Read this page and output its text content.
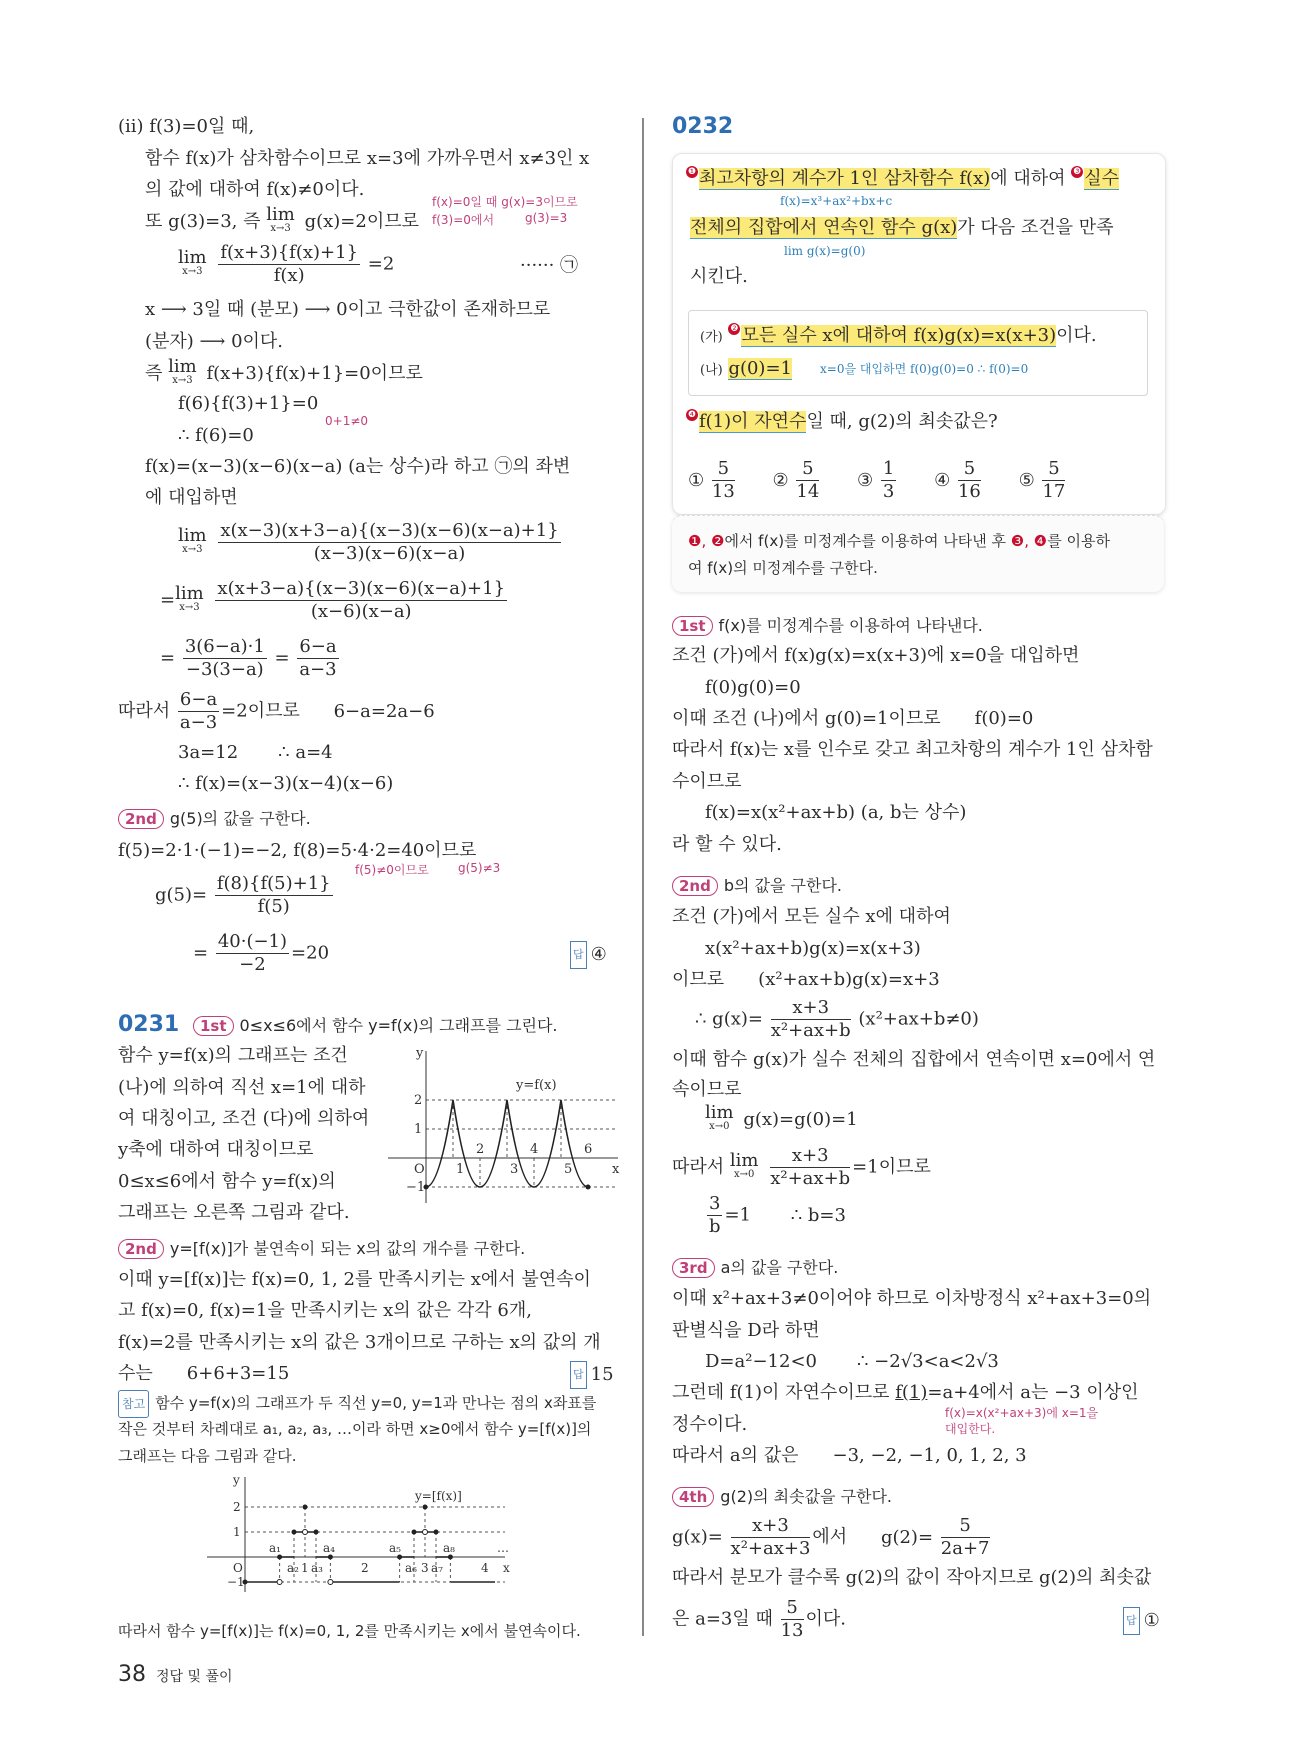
(ii) f(3)=0일 때,
함수 f(x)가 삼차함수이므로 x=3에 가까우면서 x≠3인 x
의 값에 대하여 f(x)≠0이다.
f(x)=0일 때 g(x)=3이므로
또 g(3)=3, 즉 lim
x→3 g(x)=2이므로 f(3)=0에서	g(3)=3
lim
x→3
$\frac{f(x+3)\{f(x)+1\}}{f(x)} =2$	······ ㉠
x ⟶ 3일 때 (분모) ⟶ 0이고 극한값이 존재하므로
(분자) ⟶ 0이다.
즉 lim
x→3 f(x+3){f(x)+1}=0이므로
f(6){f(3)+1}=0
0+1≠0
∴ f(6)=0
f(x)=(x−3)(x−6)(x−a) (a는 상수)라 하고 ㉠의 좌변
에 대입하면
lim
x→3
$\frac{x(x-3)(x+3-a)\{(x-3)(x-6)(x-a)+1\}}{(x-3)(x-6)(x-a)}$
= lim
x→3
$\frac{x(x+3-a)\{(x-3)(x-6)(x-a)+1\}}{(x-6)(x-a)}$
= $\frac{3(6-a)\cdot 1}{-3(3-a)} = \frac{6-a}{a-3}$
따라서 $\frac{6-a}{a-3} =2$이므로 6−a=2a−6
3a=12 ∴ a=4
∴ f(x)=(x−3)(x−4)(x−6)
2nd g(5)의 값을 구한다.
f(5)=2·1·(−1)=−2, f(8)=5·4·2=40이므로
f(5)≠0이므로 g(5)≠3
$g(5)= \frac{f(8)\{f(5)+1\}}{f(5)}$
= $\frac{40\cdot(-1)}{-2} =20$	답 ④
0231 1st 0≤x≤6에서 함수 y=f(x)의 그래프를 그린다.
함수 y=f(x)의 그래프는 조건
(나)에 의하여 직선 x=1에 대하
여 대칭이고, 조건 (다)에 의하여
y축에 대하여 대칭이므로
0≤x≤6에서 함수 y=f(x)의
그래프는 오른쪽 그림과 같다.
y
x
O
y=f(x)
2
1
−1
1
2
3
4
5
6
2nd y=[f(x)]가 불연속이 되는 x의 값의 개수를 구한다.
이때 y=[f(x)]는 f(x)=0, 1, 2를 만족시키는 x에서 불연속이
고 f(x)=0, f(x)=1을 만족시키는 x의 값은 각각 6개,
f(x)=2를 만족시키는 x의 값은 3개이므로 구하는 x의 값의 개
수는 6+6+3=15	답 15
참고 함수 y=f(x)의 그래프가 두 직선 y=0, y=1과 만나는 점의 x좌표를
작은 것부터 차례대로 a₁, a₂, a₃, …이라 하면 x≥0에서 함수 y=[f(x)]의
그래프는 다음 그림과 같다.
y
x
…
O
y=[f(x)]
2
1
−1
1	2	3	4
a₁
a₂ a₃
a₄	a₅
a₆ a₇
a₈
따라서 함수 y=[f(x)]는 f(x)=0, 1, 2를 만족시키는 x에서 불연속이다.
0232
❶ 최고차항의 계수가 1인 삼차함수 f(x)에 대하여 ❸ 실수
f(x)=x³+ax²+bx+c
전체의 집합에서 연속인 함수 g(x)가 다음 조건을 만족
lim g(x)=g(0)
시킨다.
(가) ❷ 모든 실수 x에 대하여 f(x)g(x)=x(x+3)이다.
(나) g(0)=1 x=0을 대입하면 f(0)g(0)=0 ∴ f(0)=0
❹ f(1)이 자연수일 때, g(2)의 최솟값은?
① $\frac{5}{13}$ ② $\frac{5}{14}$ ③ $\frac{1}{3}$ ④ $\frac{5}{16}$ ⑤ $\frac{5}{17}$
❶, ❷에서 f(x)를 미정계수를 이용하여 나타낸 후 ❸, ❹를 이용하
여 f(x)의 미정계수를 구한다.
1st f(x)를 미정계수를 이용하여 나타낸다.
조건 (가)에서 f(x)g(x)=x(x+3)에 x=0을 대입하면
f(0)g(0)=0
이때 조건 (나)에서 g(0)=1이므로 f(0)=0
따라서 f(x)는 x를 인수로 갖고 최고차항의 계수가 1인 삼차함
수이므로
f(x)=x(x²+ax+b) (a, b는 상수)
라 할 수 있다.
2nd b의 값을 구한다.
조건 (가)에서 모든 실수 x에 대하여
x(x²+ax+b)g(x)=x(x+3)
이므로 (x²+ax+b)g(x)=x+3
∴ $g(x)= \frac{x+3}{\text{x²+ax+b}} (x^2+ax+b\ne 0)$
이때 함수 g(x)가 실수 전체의 집합에서 연속이면 x=0에서 연
속이므로
lim
x→0 g(x)=g(0)=1
따라서 lim
x→0
$\frac{x+3}{\text{x²+ax+b}} =1$이므로
$\frac{3}{b} =1$ ∴ b=3
3rd a의 값을 구한다.
이때 x²+ax+3≠0이어야 하므로 이차방정식 x²+ax+3=0의
판별식을 D라 하면
D=a²−12<0 ∴ −2√3<a<2√3
그런데 f(1)이 자연수이므로 f(1)=a+4에서 a는 −3 이상인
f(x)=x(x²+ax+3)에 x=1을
대입한다.
정수이다.
따라서 a의 값은 −3, −2, −1, 0, 1, 2, 3
4th g(2)의 최솟값을 구한다.
$g(x)= \frac{x+3}{\text{x²+ax+3}}$ 에서 $g(2)= \frac{5}{2a+7}$
따라서 분모가 클수록 g(2)의 값이 작아지므로 g(2)의 최솟값
은 a=3일 때 $\frac{5}{13}$ 이다.	답 ①
38 정답 및 풀이
